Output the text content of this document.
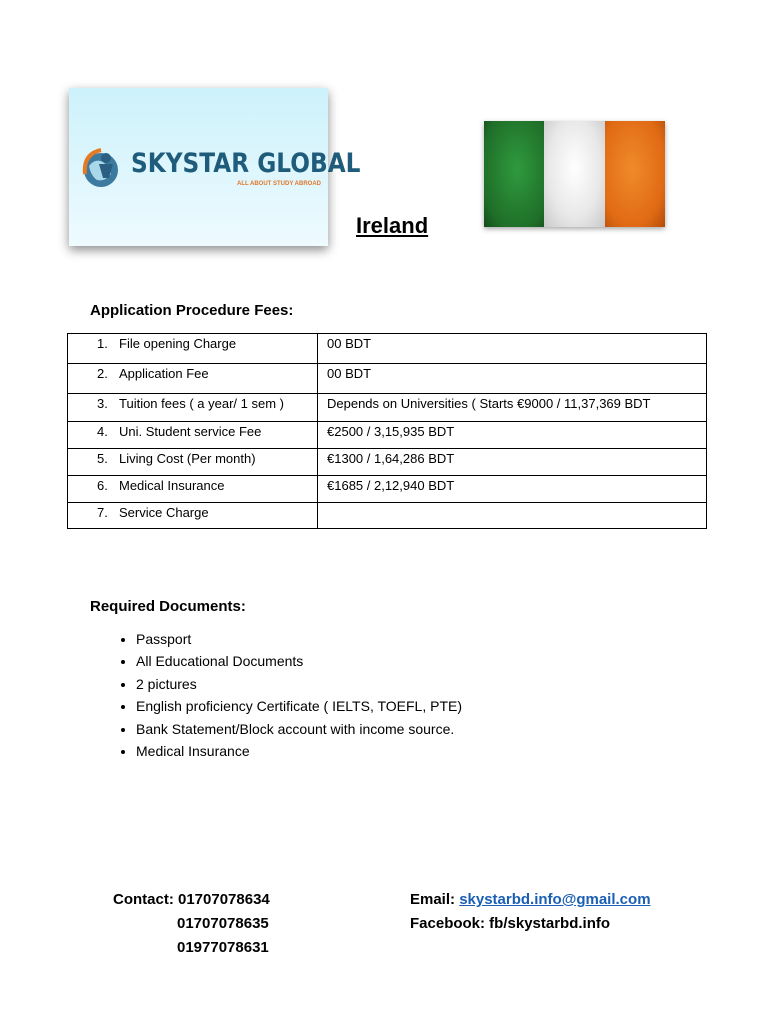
SKYSTAR GLOBAL
ALL ABOUT STUDY ABROAD
Ireland
Application Procedure Fees:
1. File opening Charge	00 BDT
2. Application Fee	00 BDT
3. Tuition fees ( a year/ 1 sem )	Depends on Universities ( Starts €9000 / 11,37,369 BDT
4. Uni. Student service Fee	€2500 / 3,15,935 BDT
5. Living Cost (Per month)	€1300 / 1,64,286 BDT
6. Medical Insurance	€1685 / 2,12,940 BDT
7. Service Charge	
Required Documents:
• Passport
• All Educational Documents
• 2 pictures
• English proficiency Certificate ( IELTS, TOEFL, PTE)
• Bank Statement/Block account with income source.
• Medical Insurance
Contact: 01707078634
01707078635
01977078631
Email: skystarbd.info@gmail.com
Facebook: fb/skystarbd.info
